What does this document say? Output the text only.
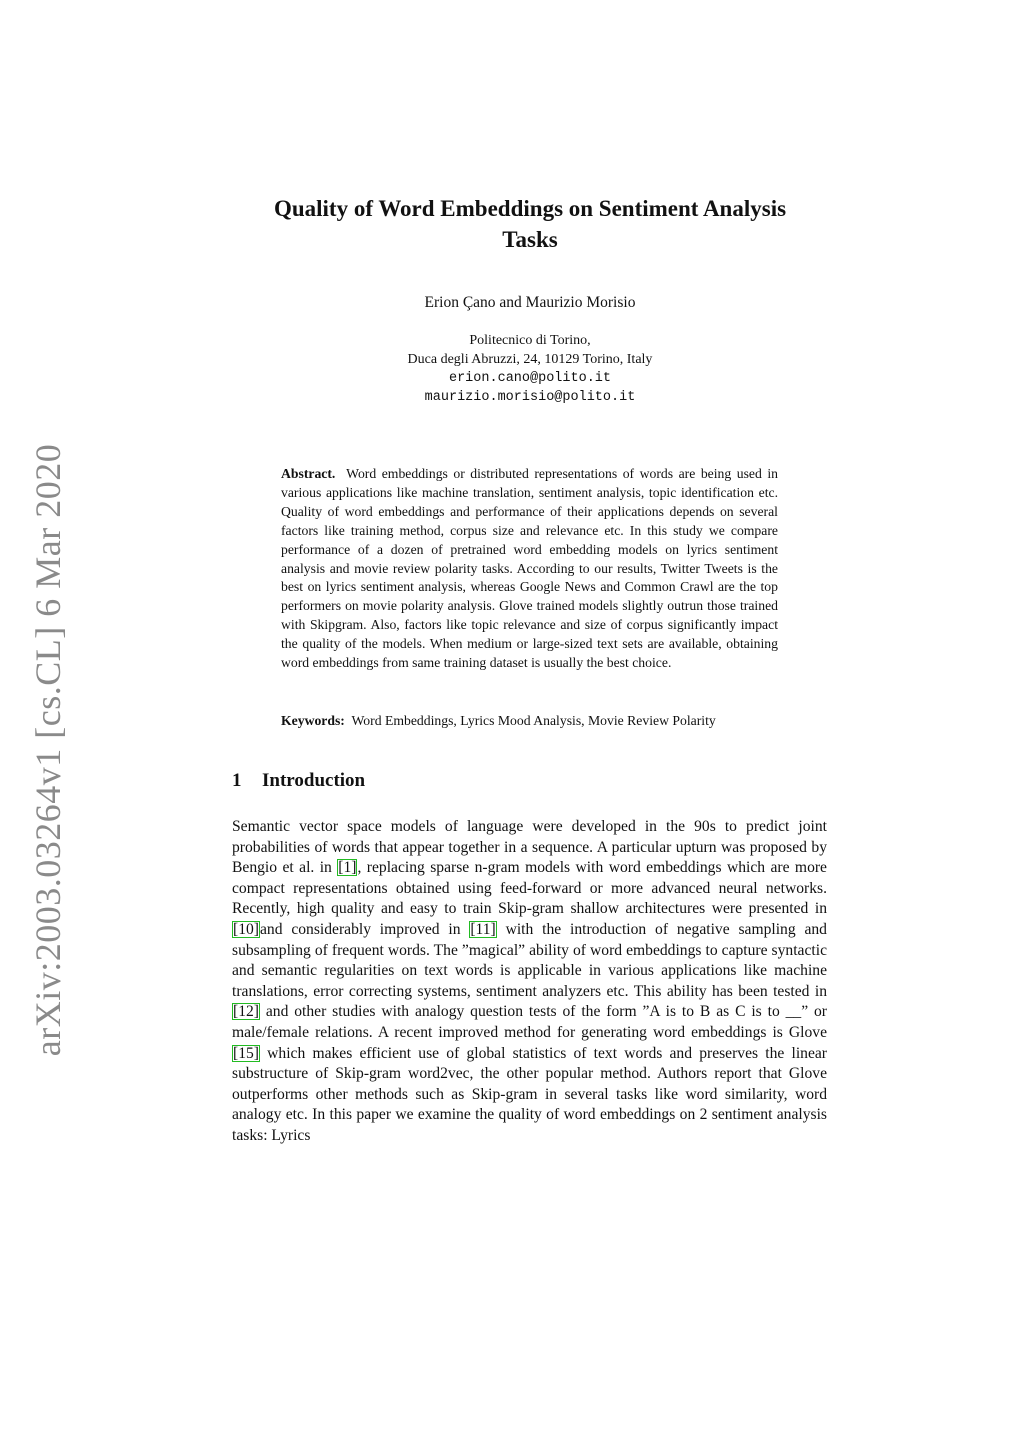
arXiv:2003.03264v1 [cs.CL] 6 Mar 2020
Quality of Word Embeddings on Sentiment Analysis
Tasks

Erion Çano and Maurizio Morisio

Politecnico di Torino,
Duca degli Abruzzi, 24, 10129 Torino, Italy
erion.cano@polito.it
maurizio.morisio@polito.it

Abstract. Word embeddings or distributed representations of words are being used in various applications like machine translation, sentiment analysis, topic identification etc. Quality of word embeddings and performance of their applications depends on several factors like training method, corpus size and relevance etc. In this study we compare performance of a dozen of pretrained word embedding models on lyrics sentiment analysis and movie review polarity tasks. According to our results, Twitter Tweets is the best on lyrics sentiment analysis, whereas Google News and Common Crawl are the top performers on movie polarity analysis. Glove trained models slightly outrun those trained with Skipgram. Also, factors like topic relevance and size of corpus significantly impact the quality of the models. When medium or large-sized text sets are available, obtaining word embeddings from same training dataset is usually the best choice.

Keywords: Word Embeddings, Lyrics Mood Analysis, Movie Review Polarity

1 Introduction

Semantic vector space models of language were developed in the 90s to predict joint probabilities of words that appear together in a sequence. A particular upturn was proposed by Bengio et al. in [1], replacing sparse n-gram models with word embeddings which are more compact representations obtained using feed-forward or more advanced neural networks. Recently, high quality and easy to train Skip-gram shallow architectures were presented in [10]and considerably improved in [11] with the introduction of negative sampling and subsampling of frequent words. The ”magical” ability of word embeddings to capture syntactic and semantic regularities on text words is applicable in various applications like machine translations, error correcting systems, sentiment analyzers etc. This ability has been tested in [12] and other studies with analogy question tests of the form ”A is to B as C is to __” or male/female relations. A recent improved method for generating word embeddings is Glove [15] which makes efficient use of global statistics of text words and preserves the linear substructure of Skip-gram word2vec, the other popular method. Authors report that Glove outperforms other methods such as Skip-gram in several tasks like word similarity, word analogy etc. In this paper we examine the quality of word embeddings on 2 sentiment analysis tasks: Lyrics
